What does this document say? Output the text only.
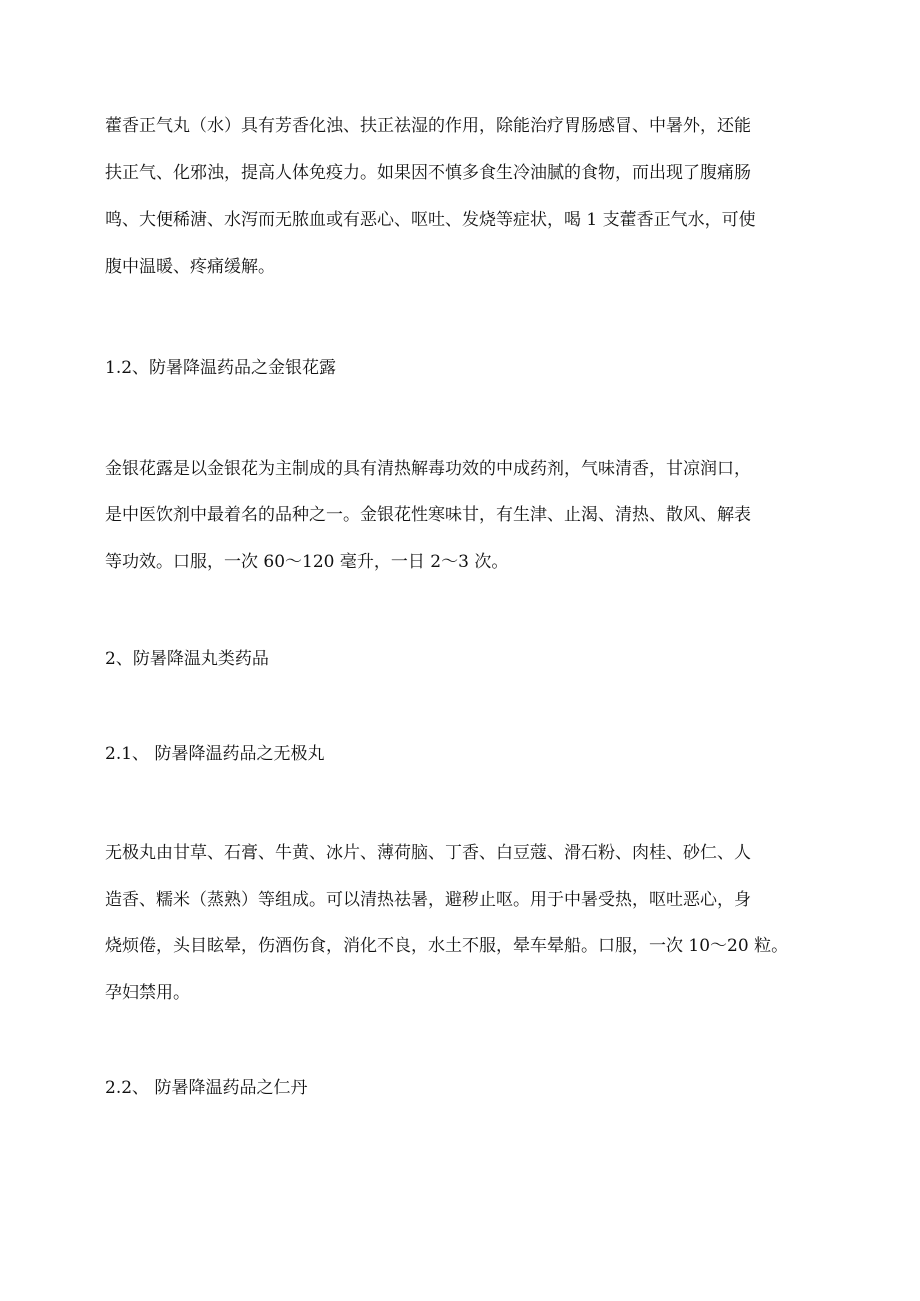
藿香正气丸（水）具有芳香化浊、扶正祛湿的作用，除能治疗胃肠感冒、中暑外，还能
扶正气、化邪浊，提高人体免疫力。如果因不慎多食生冷油腻的食物，而出现了腹痛肠
鸣、大便稀溏、水泻而无脓血或有恶心、呕吐、发烧等症状，喝 1 支藿香正气水，可使
腹中温暖、疼痛缓解。
1.2、防暑降温药品之金银花露
金银花露是以金银花为主制成的具有清热解毒功效的中成药剂，气味清香，甘凉润口，
是中医饮剂中最着名的品种之一。金银花性寒味甘，有生津、止渴、清热、散风、解表
等功效。口服，一次 60～120 毫升，一日 2～3 次。
2、防暑降温丸类药品
2.1、 防暑降温药品之无极丸
无极丸由甘草、石膏、牛黄、冰片、薄荷脑、丁香、白豆蔻、滑石粉、肉桂、砂仁、人
造香、糯米（蒸熟）等组成。可以清热祛暑，避秽止呕。用于中暑受热，呕吐恶心，身
烧烦倦，头目眩晕，伤酒伤食，消化不良，水土不服，晕车晕船。口服，一次 10～20 粒。
孕妇禁用。
2.2、 防暑降温药品之仁丹
